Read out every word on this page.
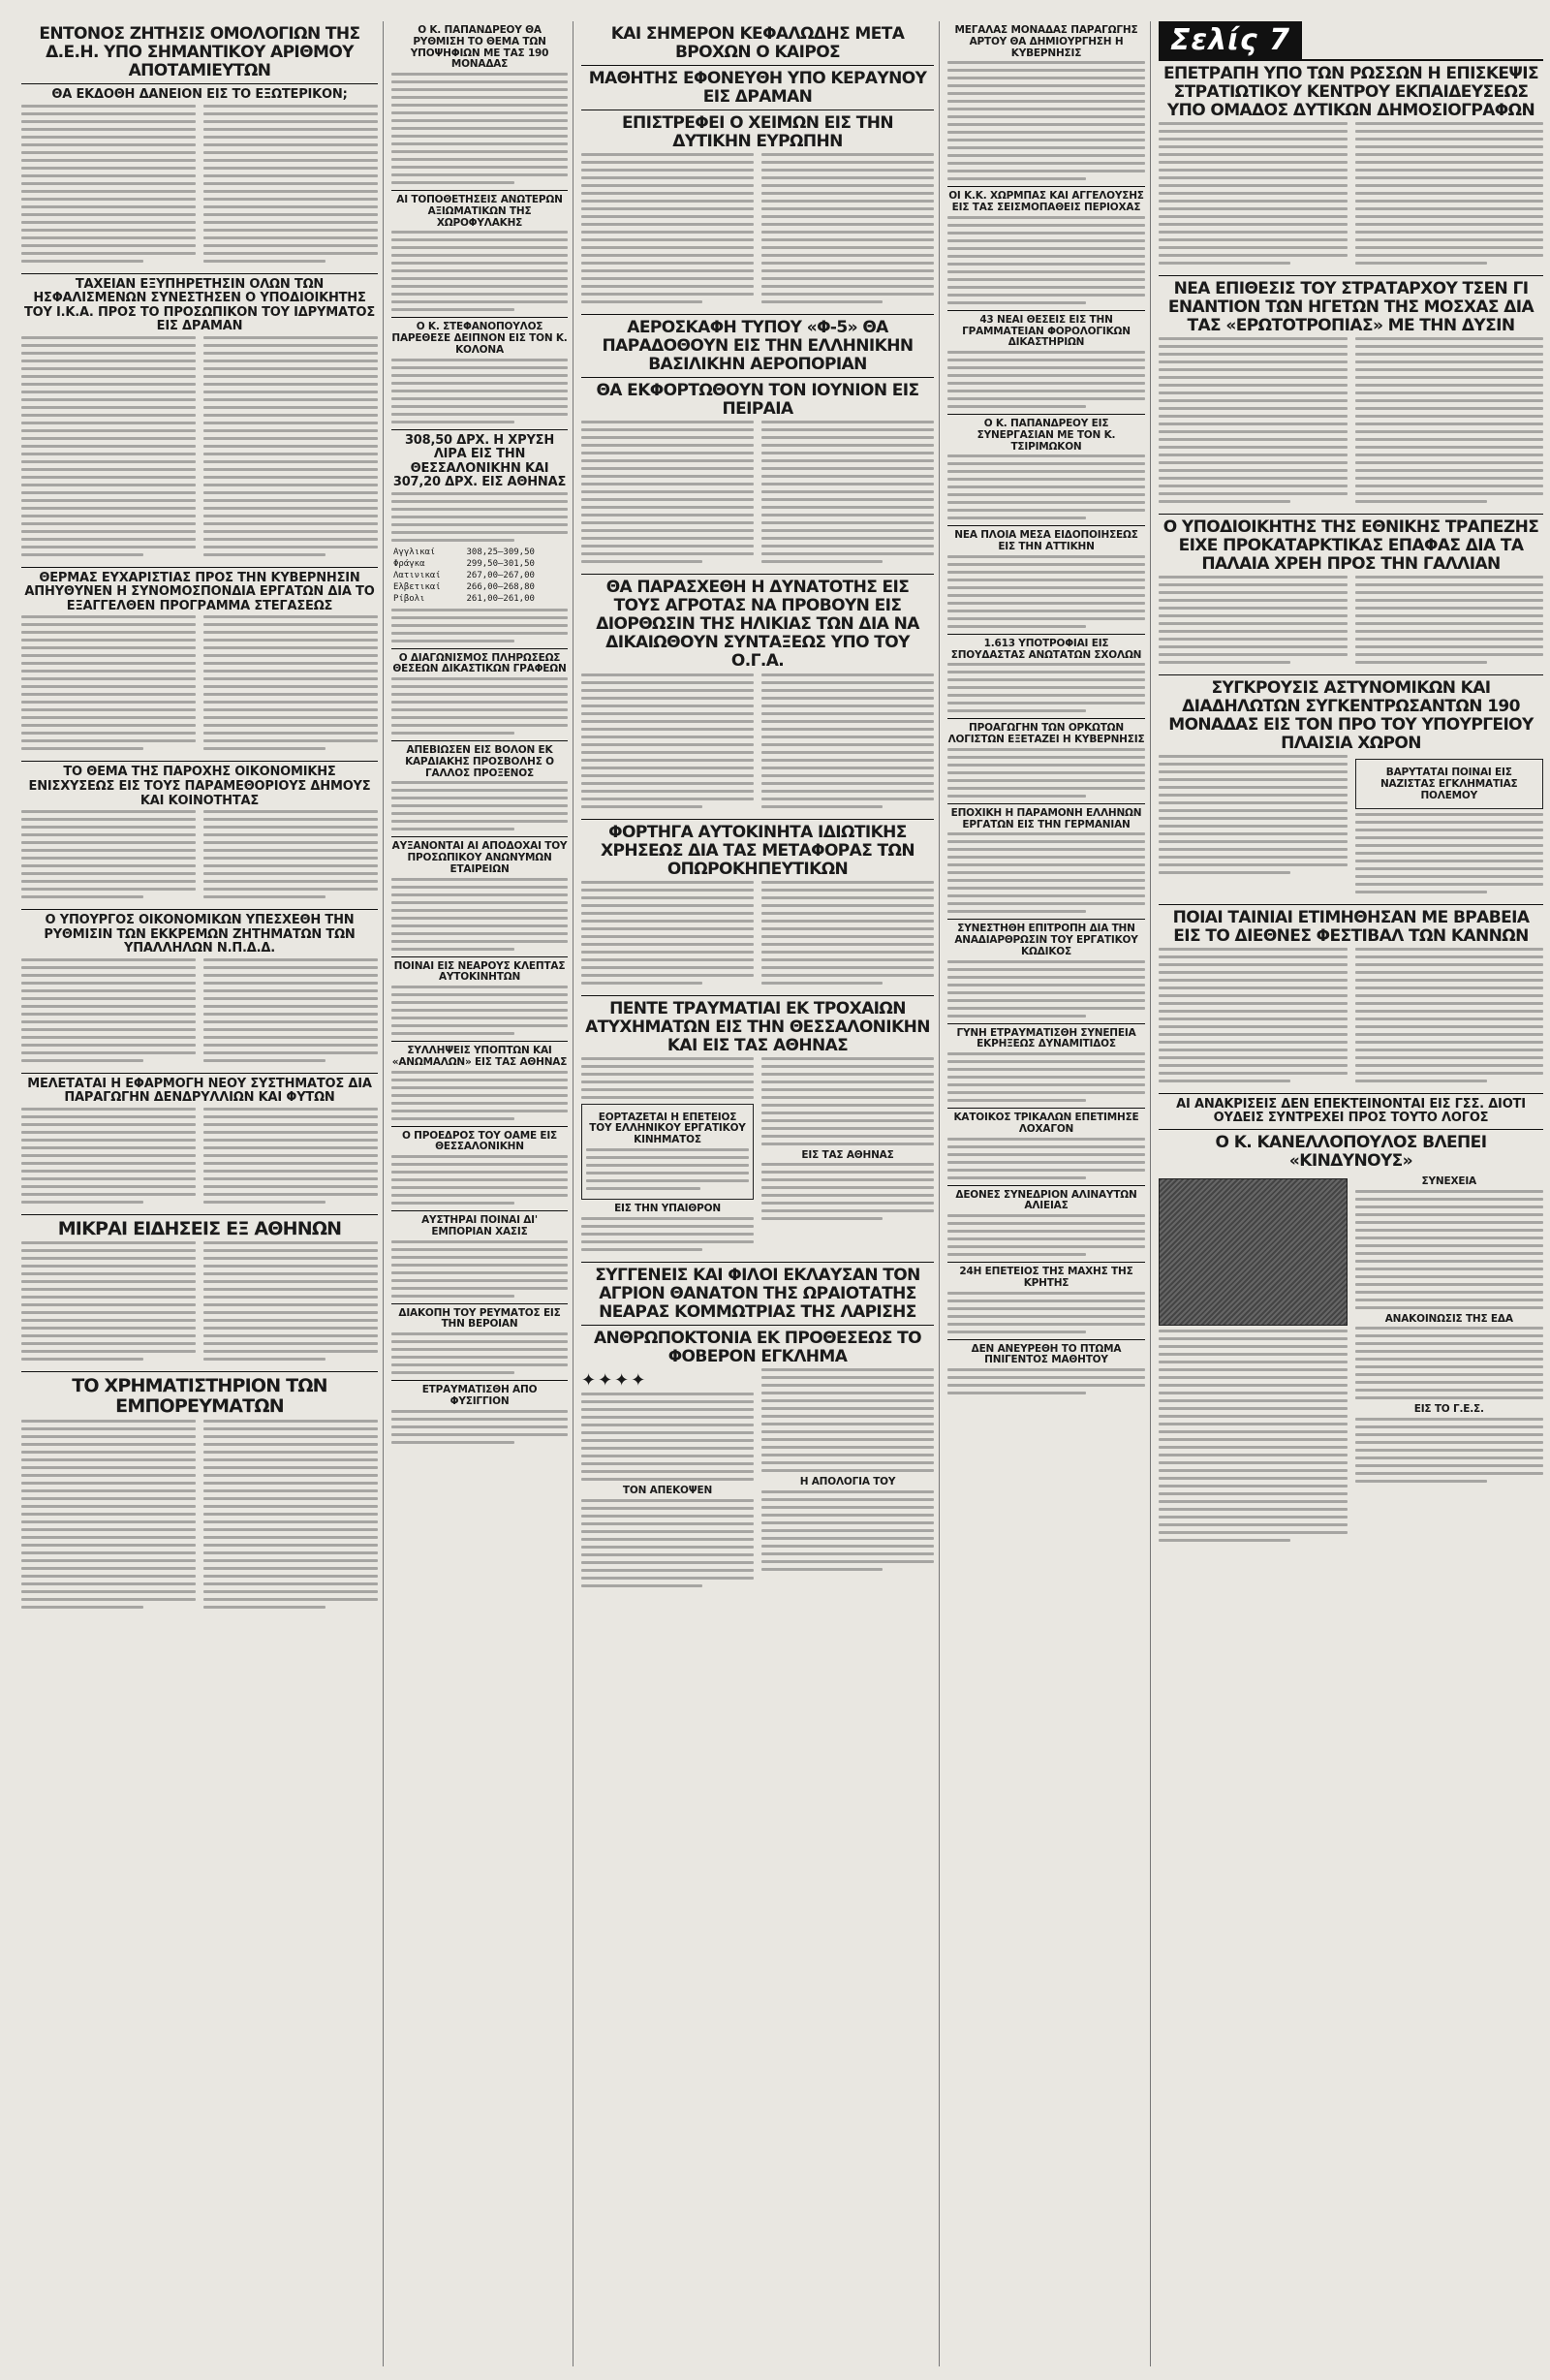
ΕΝΤΟΝΟΣ ΖΗΤΗΣΙΣ ΟΜΟΛΟΓΙΩΝ ΤΗΣ Δ.Ε.Η. ΥΠΟ ΣΗΜΑΝΤΙΚΟΥ ΑΡΙΘΜΟΥ ΑΠΟΤΑΜΙΕΥΤΩΝ
ΘΑ ΕΚΔΟΘΗ ΔΑΝΕΙΟΝ ΕΙΣ ΤΟ ΕΞΩΤΕΡΙΚΟΝ;
ΤΑΧΕΙΑΝ ΕΞΥΠΗΡΕΤΗΣΙΝ ΟΛΩΝ ΤΩΝ ΗΣΦΑΛΙΣΜΕΝΩΝ ΣΥΝΕΣΤΗΣΕΝ Ο ΥΠΟΔΙΟΙΚΗΤΗΣ ΤΟΥ Ι.Κ.Α. ΠΡΟΣ ΤΟ ΠΡΟΣΩΠΙΚΟΝ ΤΟΥ ΙΔΡΥΜΑΤΟΣ ΕΙΣ ΔΡΑΜΑΝ
ΘΕΡΜΑΣ ΕΥΧΑΡΙΣΤΙΑΣ ΠΡΟΣ ΤΗΝ ΚΥΒΕΡΝΗΣΙΝ ΑΠΗΥΘΥΝΕΝ Η ΣΥΝΟΜΟΣΠΟΝΔΙΑ ΕΡΓΑΤΩΝ ΔΙΑ ΤΟ ΕΞΑΓΓΕΛΘΕΝ ΠΡΟΓΡΑΜΜΑ ΣΤΕΓΑΣΕΩΣ
ΤΟ ΘΕΜΑ ΤΗΣ ΠΑΡΟΧΗΣ ΟΙΚΟΝΟΜΙΚΗΣ ΕΝΙΣΧΥΣΕΩΣ ΕΙΣ ΤΟΥΣ ΠΑΡΑΜΕΘΟΡΙΟΥΣ ΔΗΜΟΥΣ ΚΑΙ ΚΟΙΝΟΤΗΤΑΣ
Ο ΥΠΟΥΡΓΟΣ ΟΙΚΟΝΟΜΙΚΩΝ ΥΠΕΣΧΕΘΗ ΤΗΝ ΡΥΘΜΙΣΙΝ ΤΩΝ ΕΚΚΡΕΜΩΝ ΖΗΤΗΜΑΤΩΝ ΤΩΝ ΥΠΑΛΛΗΛΩΝ Ν.Π.Δ.Δ.
ΜΕΛΕΤΑΤΑΙ Η ΕΦΑΡΜΟΓΗ ΝΕΟΥ ΣΥΣΤΗΜΑΤΟΣ ΔΙΑ ΠΑΡΑΓΩΓΗΝ ΔΕΝΔΡΥΛΛΙΩΝ ΚΑΙ ΦΥΤΩΝ
ΜΙΚΡΑΙ ΕΙΔΗΣΕΙΣ ΕΞ ΑΘΗΝΩΝ
ΤΟ ΧΡΗΜΑΤΙΣΤΗΡΙΟΝ ΤΩΝ ΕΜΠΟΡΕΥΜΑΤΩΝ
Ο Κ. ΠΑΠΑΝΔΡΕΟΥ ΘΑ ΡΥΘΜΙΣΗ ΤΟ ΘΕΜΑ ΤΩΝ ΥΠΟΨΗΦΙΩΝ ΜΕ ΤΑΣ 190 ΜΟΝΑΔΑΣ
ΑΙ ΤΟΠΟΘΕΤΗΣΕΙΣ ΑΝΩΤΕΡΩΝ ΑΞΙΩΜΑΤΙΚΩΝ ΤΗΣ ΧΩΡΟΦΥΛΑΚΗΣ
Ο Κ. ΣΤΕΦΑΝΟΠΟΥΛΟΣ ΠΑΡΕΘΕΣΕ ΔΕΙΠΝΟΝ ΕΙΣ ΤΟΝ Κ. ΚΟΛΟΝΑ
308,50 ΔΡΧ. Η ΧΡΥΣΗ ΛΙΡΑ ΕΙΣ ΤΗΝ ΘΕΣΣΑΛΟΝΙΚΗΝ ΚΑΙ 307,20 ΔΡΧ. ΕΙΣ ΑΘΗΝΑΣ
Αγγλικαί	308,25—309,50
Φράγκα	299,50—301,50
Λατινικαί	267,00—267,00
Ελβετικαί	266,00—268,80
Ρίβολι	261,00—261,00
Ο ΔΙΑΓΩΝΙΣΜΟΣ ΠΛΗΡΩΣΕΩΣ ΘΕΣΕΩΝ ΔΙΚΑΣΤΙΚΩΝ ΓΡΑΦΕΩΝ
ΑΠΕΒΙΩΣΕΝ ΕΙΣ ΒΟΛΟΝ ΕΚ ΚΑΡΔΙΑΚΗΣ ΠΡΟΣΒΟΛΗΣ Ο ΓΑΛΛΟΣ ΠΡΟΞΕΝΟΣ
ΑΥΞΑΝΟΝΤΑΙ ΑΙ ΑΠΟΔΟΧΑΙ ΤΟΥ ΠΡΟΣΩΠΙΚΟΥ ΑΝΩΝΥΜΩΝ ΕΤΑΙΡΕΙΩΝ
ΠΟΙΝΑΙ ΕΙΣ ΝΕΑΡΟΥΣ ΚΛΕΠΤΑΣ ΑΥΤΟΚΙΝΗΤΩΝ
ΣΥΛΛΗΨΕΙΣ ΥΠΟΠΤΩΝ ΚΑΙ «ΑΝΩΜΑΛΩΝ» ΕΙΣ ΤΑΣ ΑΘΗΝΑΣ
Ο ΠΡΟΕΔΡΟΣ ΤΟΥ ΟΑΜΕ ΕΙΣ ΘΕΣΣΑΛΟΝΙΚΗΝ
ΑΥΣΤΗΡΑΙ ΠΟΙΝΑΙ ΔΙ' ΕΜΠΟΡΙΑΝ ΧΑΣΙΣ
ΔΙΑΚΟΠΗ ΤΟΥ ΡΕΥΜΑΤΟΣ ΕΙΣ ΤΗΝ ΒΕΡΟΙΑΝ
ΕΤΡΑΥΜΑΤΙΣΘΗ ΑΠΟ ΦΥΣΙΓΓΙΟΝ
ΚΑΙ ΣΗΜΕΡΟΝ ΚΕΦΑΛΩΔΗΣ ΜΕΤΑ ΒΡΟΧΩΝ Ο ΚΑΙΡΟΣ
ΜΑΘΗΤΗΣ ΕΦΟΝΕΥΘΗ ΥΠΟ ΚΕΡΑΥΝΟΥ ΕΙΣ ΔΡΑΜΑΝ
ΕΠΙΣΤΡΕΦΕΙ Ο ΧΕΙΜΩΝ ΕΙΣ ΤΗΝ ΔΥΤΙΚΗΝ ΕΥΡΩΠΗΝ
ΑΕΡΟΣΚΑΦΗ ΤΥΠΟΥ «Φ-5» ΘΑ ΠΑΡΑΔΟΘΟΥΝ ΕΙΣ ΤΗΝ ΕΛΛΗΝΙΚΗΝ ΒΑΣΙΛΙΚΗΝ ΑΕΡΟΠΟΡΙΑΝ
ΘΑ ΕΚΦΟΡΤΩΘΟΥΝ ΤΟΝ ΙΟΥΝΙΟΝ ΕΙΣ ΠΕΙΡΑΙΑ
ΘΑ ΠΑΡΑΣΧΕΘΗ Η ΔΥΝΑΤΟΤΗΣ ΕΙΣ ΤΟΥΣ ΑΓΡΟΤΑΣ ΝΑ ΠΡΟΒΟΥΝ ΕΙΣ ΔΙΟΡΘΩΣΙΝ ΤΗΣ ΗΛΙΚΙΑΣ ΤΩΝ ΔΙΑ ΝΑ ΔΙΚΑΙΩΘΟΥΝ ΣΥΝΤΑΞΕΩΣ ΥΠΟ ΤΟΥ Ο.Γ.Α.
ΦΟΡΤΗΓΑ ΑΥΤΟΚΙΝΗΤΑ ΙΔΙΩΤΙΚΗΣ ΧΡΗΣΕΩΣ ΔΙΑ ΤΑΣ ΜΕΤΑΦΟΡΑΣ ΤΩΝ ΟΠΩΡΟΚΗΠΕΥΤΙΚΩΝ
ΠΕΝΤΕ ΤΡΑΥΜΑΤΙΑΙ ΕΚ ΤΡΟΧΑΙΩΝ ΑΤΥΧΗΜΑΤΩΝ ΕΙΣ ΤΗΝ ΘΕΣΣΑΛΟΝΙΚΗΝ ΚΑΙ ΕΙΣ ΤΑΣ ΑΘΗΝΑΣ
ΕΟΡΤΑΖΕΤΑΙ Η ΕΠΕΤΕΙΟΣ ΤΟΥ ΕΛΛΗΝΙΚΟΥ ΕΡΓΑΤΙΚΟΥ ΚΙΝΗΜΑΤΟΣ
ΕΙΣ ΤΗΝ ΥΠΑΙΘΡΟΝ
ΕΙΣ ΤΑΣ ΑΘΗΝΑΣ
ΣΥΓΓΕΝΕΙΣ ΚΑΙ ΦΙΛΟΙ ΕΚΛΑΥΣΑΝ ΤΟΝ ΑΓΡΙΟΝ ΘΑΝΑΤΟΝ ΤΗΣ ΩΡΑΙΟΤΑΤΗΣ ΝΕΑΡΑΣ ΚΟΜΜΩΤΡΙΑΣ ΤΗΣ ΛΑΡΙΣΗΣ
ΑΝΘΡΩΠΟΚΤΟΝΙΑ ΕΚ ΠΡΟΘΕΣΕΩΣ ΤΟ ΦΟΒΕΡΟΝ ΕΓΚΛΗΜΑ
✦✦✦✦
ΤΟΝ ΑΠΕΚΟΨΕΝ
Η ΑΠΟΛΟΓΙΑ ΤΟΥ
ΜΕΓΑΛΑΣ ΜΟΝΑΔΑΣ ΠΑΡΑΓΩΓΗΣ ΑΡΤΟΥ ΘΑ ΔΗΜΙΟΥΡΓΗΣΗ Η ΚΥΒΕΡΝΗΣΙΣ
ΟΙ Κ.Κ. ΧΩΡΜΠΑΣ ΚΑΙ ΑΓΓΕΛΟΥΣΗΣ ΕΙΣ ΤΑΣ ΣΕΙΣΜΟΠΑΘΕΙΣ ΠΕΡΙΟΧΑΣ
43 ΝΕΑΙ ΘΕΣΕΙΣ ΕΙΣ ΤΗΝ ΓΡΑΜΜΑΤΕΙΑΝ ΦΟΡΟΛΟΓΙΚΩΝ ΔΙΚΑΣΤΗΡΙΩΝ
Ο Κ. ΠΑΠΑΝΔΡΕΟΥ ΕΙΣ ΣΥΝΕΡΓΑΣΙΑΝ ΜΕ ΤΟΝ Κ. ΤΣΙΡΙΜΩΚΟΝ
ΝΕΑ ΠΛΟΙΑ ΜΕΣΑ ΕΙΔΟΠΟΙΗΣΕΩΣ ΕΙΣ ΤΗΝ ΑΤΤΙΚΗΝ
1.613 ΥΠΟΤΡΟΦΙΑΙ ΕΙΣ ΣΠΟΥΔΑΣΤΑΣ ΑΝΩΤΑΤΩΝ ΣΧΟΛΩΝ
ΠΡΟΑΓΩΓΗΝ ΤΩΝ ΟΡΚΩΤΩΝ ΛΟΓΙΣΤΩΝ ΕΞΕΤΑΖΕΙ Η ΚΥΒΕΡΝΗΣΙΣ
ΕΠΟΧΙΚΗ Η ΠΑΡΑΜΟΝΗ ΕΛΛΗΝΩΝ ΕΡΓΑΤΩΝ ΕΙΣ ΤΗΝ ΓΕΡΜΑΝΙΑΝ
ΣΥΝΕΣΤΗΘΗ ΕΠΙΤΡΟΠΗ ΔΙΑ ΤΗΝ ΑΝΑΔΙΑΡΘΡΩΣΙΝ ΤΟΥ ΕΡΓΑΤΙΚΟΥ ΚΩΔΙΚΟΣ
ΓΥΝΗ ΕΤΡΑΥΜΑΤΙΣΘΗ ΣΥΝΕΠΕΙΑ ΕΚΡΗΞΕΩΣ ΔΥΝΑΜΙΤΙΔΟΣ
ΚΑΤΟΙΚΟΣ ΤΡΙΚΑΛΩΝ ΕΠΕΤΙΜΗΣΕ ΛΟΧΑΓΟΝ
ΔΕΟΝΕΣ ΣΥΝΕΔΡΙΟΝ ΑΛΙΝΑΥΤΩΝ ΑΛΙΕΙΑΣ
24Η ΕΠΕΤΕΙΟΣ ΤΗΣ ΜΑΧΗΣ ΤΗΣ ΚΡΗΤΗΣ
ΔΕΝ ΑΝΕΥΡΕΘΗ ΤΟ ΠΤΩΜΑ ΠΝΙΓΕΝΤΟΣ ΜΑΘΗΤΟΥ
Σελίς 7
ΕΠΕΤΡΑΠΗ ΥΠΟ ΤΩΝ ΡΩΣΣΩΝ Η ΕΠΙΣΚΕΨΙΣ ΣΤΡΑΤΙΩΤΙΚΟΥ ΚΕΝΤΡΟΥ ΕΚΠΑΙΔΕΥΣΕΩΣ ΥΠΟ ΟΜΑΔΟΣ ΔΥΤΙΚΩΝ ΔΗΜΟΣΙΟΓΡΑΦΩΝ
ΝΕΑ ΕΠΙΘΕΣΙΣ ΤΟΥ ΣΤΡΑΤΑΡΧΟΥ ΤΣΕΝ ΓΙ ΕΝΑΝΤΙΟΝ ΤΩΝ ΗΓΕΤΩΝ ΤΗΣ ΜΟΣΧΑΣ ΔΙΑ ΤΑΣ «ΕΡΩΤΟΤΡΟΠΙΑΣ» ΜΕ ΤΗΝ ΔΥΣΙΝ
Ο ΥΠΟΔΙΟΙΚΗΤΗΣ ΤΗΣ ΕΘΝΙΚΗΣ ΤΡΑΠΕΖΗΣ ΕΙΧΕ ΠΡΟΚΑΤΑΡΚΤΙΚΑΣ ΕΠΑΦΑΣ ΔΙΑ ΤΑ ΠΑΛΑΙΑ ΧΡΕΗ ΠΡΟΣ ΤΗΝ ΓΑΛΛΙΑΝ
ΣΥΓΚΡΟΥΣΙΣ ΑΣΤΥΝΟΜΙΚΩΝ ΚΑΙ ΔΙΑΔΗΛΩΤΩΝ ΣΥΓΚΕΝΤΡΩΣΑΝΤΩΝ 190 ΜΟΝΑΔΑΣ ΕΙΣ ΤΟΝ ΠΡΟ ΤΟΥ ΥΠΟΥΡΓΕΙΟΥ ΠΛΑΙΣΙΑ ΧΩΡΟΝ
ΒΑΡΥΤΑΤΑΙ ΠΟΙΝΑΙ ΕΙΣ ΝΑΖΙΣΤΑΣ ΕΓΚΛΗΜΑΤΙΑΣ ΠΟΛΕΜΟΥ
ΠΟΙΑΙ ΤΑΙΝΙΑΙ ΕΤΙΜΗΘΗΣΑΝ ΜΕ ΒΡΑΒΕΙΑ ΕΙΣ ΤΟ ΔΙΕΘΝΕΣ ΦΕΣΤΙΒΑΛ ΤΩΝ ΚΑΝΝΩΝ
ΑΙ ΑΝΑΚΡΙΣΕΙΣ ΔΕΝ ΕΠΕΚΤΕΙΝΟΝΤΑΙ ΕΙΣ ΓΣΣ. ΔΙΟΤΙ ΟΥΔΕΙΣ ΣΥΝΤΡΕΧΕΙ ΠΡΟΣ ΤΟΥΤΟ ΛΟΓΟΣ
Ο Κ. ΚΑΝΕΛΛΟΠΟΥΛΟΣ ΒΛΕΠΕΙ «ΚΙΝΔΥΝΟΥΣ»
ΣΥΝΕΧΕΙΑ
ΑΝΑΚΟΙΝΩΣΙΣ ΤΗΣ ΕΔΑ
ΕΙΣ ΤΟ Γ.Ε.Σ.
